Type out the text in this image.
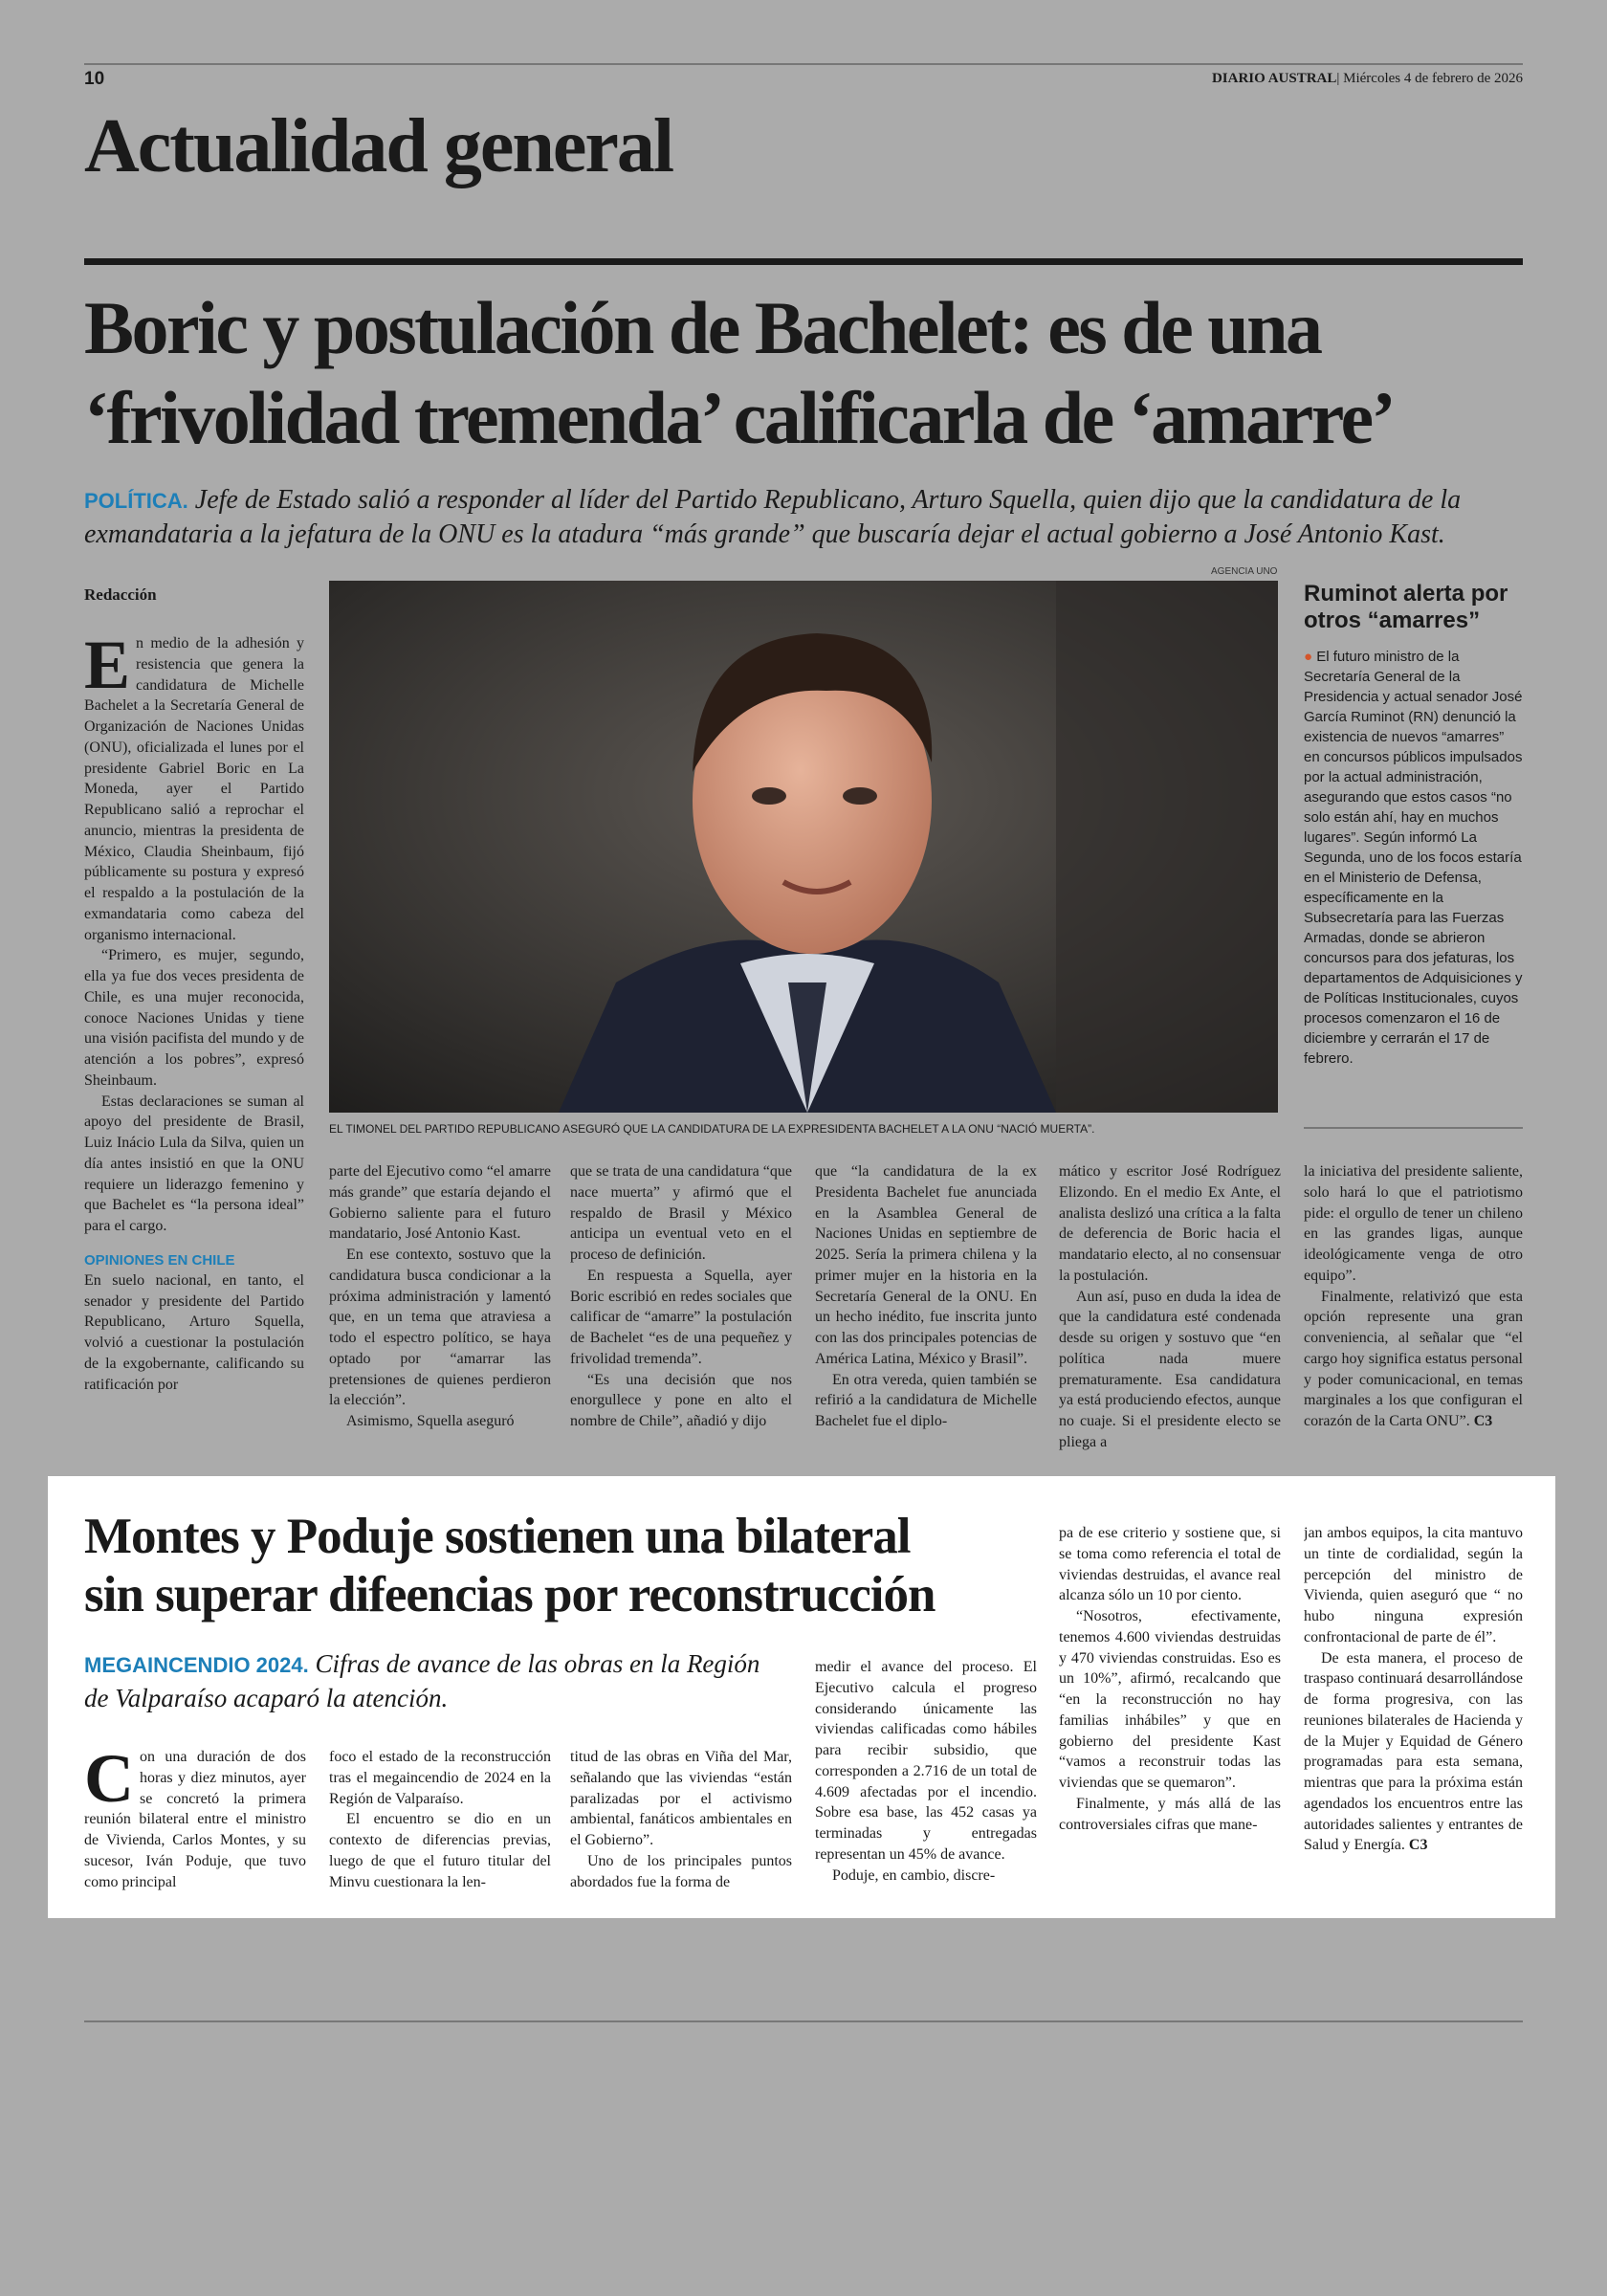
10	DIARIO AUSTRAL| Miércoles 4 de febrero de 2026
Actualidad general
Boric y postulación de Bachelet: es de una
‘frivolidad tremenda’ calificarla de ‘amarre’
POLÍTICA. Jefe de Estado salió a responder al líder del Partido Republicano, Arturo Squella, quien dijo que la candidatura de la exmandataria a la jefatura de la ONU es la atadura “más grande” que buscaría dejar el actual gobierno a José Antonio Kast.
AGENCIA UNO
Redacción

En medio de la adhesión y resistencia que genera la candidatura de Michelle Bachelet a la Secretaría General de Organización de Naciones Unidas (ONU), oficializada el lunes por el presidente Gabriel Boric en La Moneda, ayer el Partido Republicano salió a reprochar el anuncio, mientras la presidenta de México, Claudia Sheinbaum, fijó públicamente su postura y expresó el respaldo a la postulación de la exmandataria como cabeza del organismo internacional.

“Primero, es mujer, segundo, ella ya fue dos veces presidenta de Chile, es una mujer reconocida, conoce Naciones Unidas y tiene una visión pacifista del mundo y de atención a los pobres”, expresó Sheinbaum.

Estas declaraciones se suman al apoyo del presidente de Brasil, Luiz Inácio Lula da Silva, quien un día antes insistió en que la ONU requiere un liderazgo femenino y que Bachelet es “la persona ideal” para el cargo.

OPINIONES EN CHILE

En suelo nacional, en tanto, el senador y presidente del Partido Republicano, Arturo Squella, volvió a cuestionar la postulación de la exgobernante, calificando su ratificación por

EL TIMONEL DEL PARTIDO REPUBLICANO ASEGURÓ QUE LA CANDIDATURA DE LA EXPRESIDENTA BACHELET A LA ONU “NACIÓ MUERTA”.
Ruminot alerta por otros “amarres”
● El futuro ministro de la Secretaría General de la Presidencia y actual senador José García Ruminot (RN) denunció la existencia de nuevos “amarres” en concursos públicos impulsados por la actual administración, asegurando que estos casos “no solo están ahí, hay en muchos lugares”. Según informó La Segunda, uno de los focos estaría en el Ministerio de Defensa, específicamente en la Subsecretaría para las Fuerzas Armadas, donde se abrieron concursos para dos jefaturas, los departamentos de Adquisiciones y de Políticas Institucionales, cuyos procesos comenzaron el 16 de diciembre y cerrarán el 17 de febrero.

parte del Ejecutivo como “el amarre más grande” que estaría dejando el Gobierno saliente para el futuro mandatario, José Antonio Kast.

En ese contexto, sostuvo que la candidatura busca condicionar a la próxima administración y lamentó que, en un tema que atraviesa a todo el espectro político, se haya optado por “amarrar las pretensiones de quienes perdieron la elección”.

Asimismo, Squella aseguró

que se trata de una candidatura “que nace muerta” y afirmó que el respaldo de Brasil y México anticipa un eventual veto en el proceso de definición.

En respuesta a Squella, ayer Boric escribió en redes sociales que calificar de “amarre” la postulación de Bachelet “es de una pequeñez y frivolidad tremenda”.

“Es una decisión que nos enorgullece y pone en alto el nombre de Chile”, añadió y dijo

que “la candidatura de la ex Presidenta Bachelet fue anunciada en la Asamblea General de Naciones Unidas en septiembre de 2025. Sería la primera chilena y la primer mujer en la historia en la Secretaría General de la ONU. En un hecho inédito, fue inscrita junto con las dos principales potencias de América Latina, México y Brasil”.

En otra vereda, quien también se refirió a la candidatura de Michelle Bachelet fue el diplo-

mático y escritor José Rodríguez Elizondo. En el medio Ex Ante, el analista deslizó una crítica a la falta de deferencia de Boric hacia el mandatario electo, al no consensuar la postulación.

Aun así, puso en duda la idea de que la candidatura esté condenada desde su origen y sostuvo que “en política nada muere prematuramente. Esa candidatura ya está produciendo efectos, aunque no cuaje. Si el presidente electo se pliega a

la iniciativa del presidente saliente, solo hará lo que el patriotismo pide: el orgullo de tener un chileno en las grandes ligas, aunque ideológicamente venga de otro equipo”.

Finalmente, relativizó que esta opción represente una gran conveniencia, al señalar que “el cargo hoy significa estatus personal y poder comunicacional, en temas marginales a los que configuran el corazón de la Carta ONU”. C3

Montes y Poduje sostienen una bilateral
sin superar difeencias por reconstrucción
MEGAINCENDIO 2024. Cifras de avance de las obras en la Región de Valparaíso acaparó la atención.

Con una duración de dos horas y diez minutos, ayer se concretó la primera reunión bilateral entre el ministro de Vivienda, Carlos Montes, y su sucesor, Iván Poduje, que tuvo como principal

foco el estado de la reconstrucción tras el megaincendio de 2024 en la Región de Valparaíso.

El encuentro se dio en un contexto de diferencias previas, luego de que el futuro titular del Minvu cuestionara la len-

titud de las obras en Viña del Mar, señalando que las viviendas “están paralizadas por el activismo ambiental, fanáticos ambientales en el Gobierno”.

Uno de los principales puntos abordados fue la forma de

medir el avance del proceso. El Ejecutivo calcula el progreso considerando únicamente las viviendas calificadas como hábiles para recibir subsidio, que corresponden a 2.716 de un total de 4.609 afectadas por el incendio. Sobre esa base, las 452 casas ya terminadas y entregadas representan un 45% de avance.

Poduje, en cambio, discre-

pa de ese criterio y sostiene que, si se toma como referencia el total de viviendas destruidas, el avance real alcanza sólo un 10 por ciento.

“Nosotros, efectivamente, tenemos 4.600 viviendas destruidas y 470 viviendas construidas. Eso es un 10%”, afirmó, recalcando que “en la reconstrucción no hay familias inhábiles” y que en gobierno del presidente Kast “vamos a reconstruir todas las viviendas que se quemaron”.

Finalmente, y más allá de las controversiales cifras que mane-

jan ambos equipos, la cita mantuvo un tinte de cordialidad, según la percepción del ministro de Vivienda, quien aseguró que “ no hubo ninguna expresión confrontacional de parte de él”.

De esta manera, el proceso de traspaso continuará desarrollándose de forma progresiva, con las reuniones bilaterales de Hacienda y de la Mujer y Equidad de Género programadas para esta semana, mientras que para la próxima están agendados los encuentros entre las autoridades salientes y entrantes de Salud y Energía. C3
